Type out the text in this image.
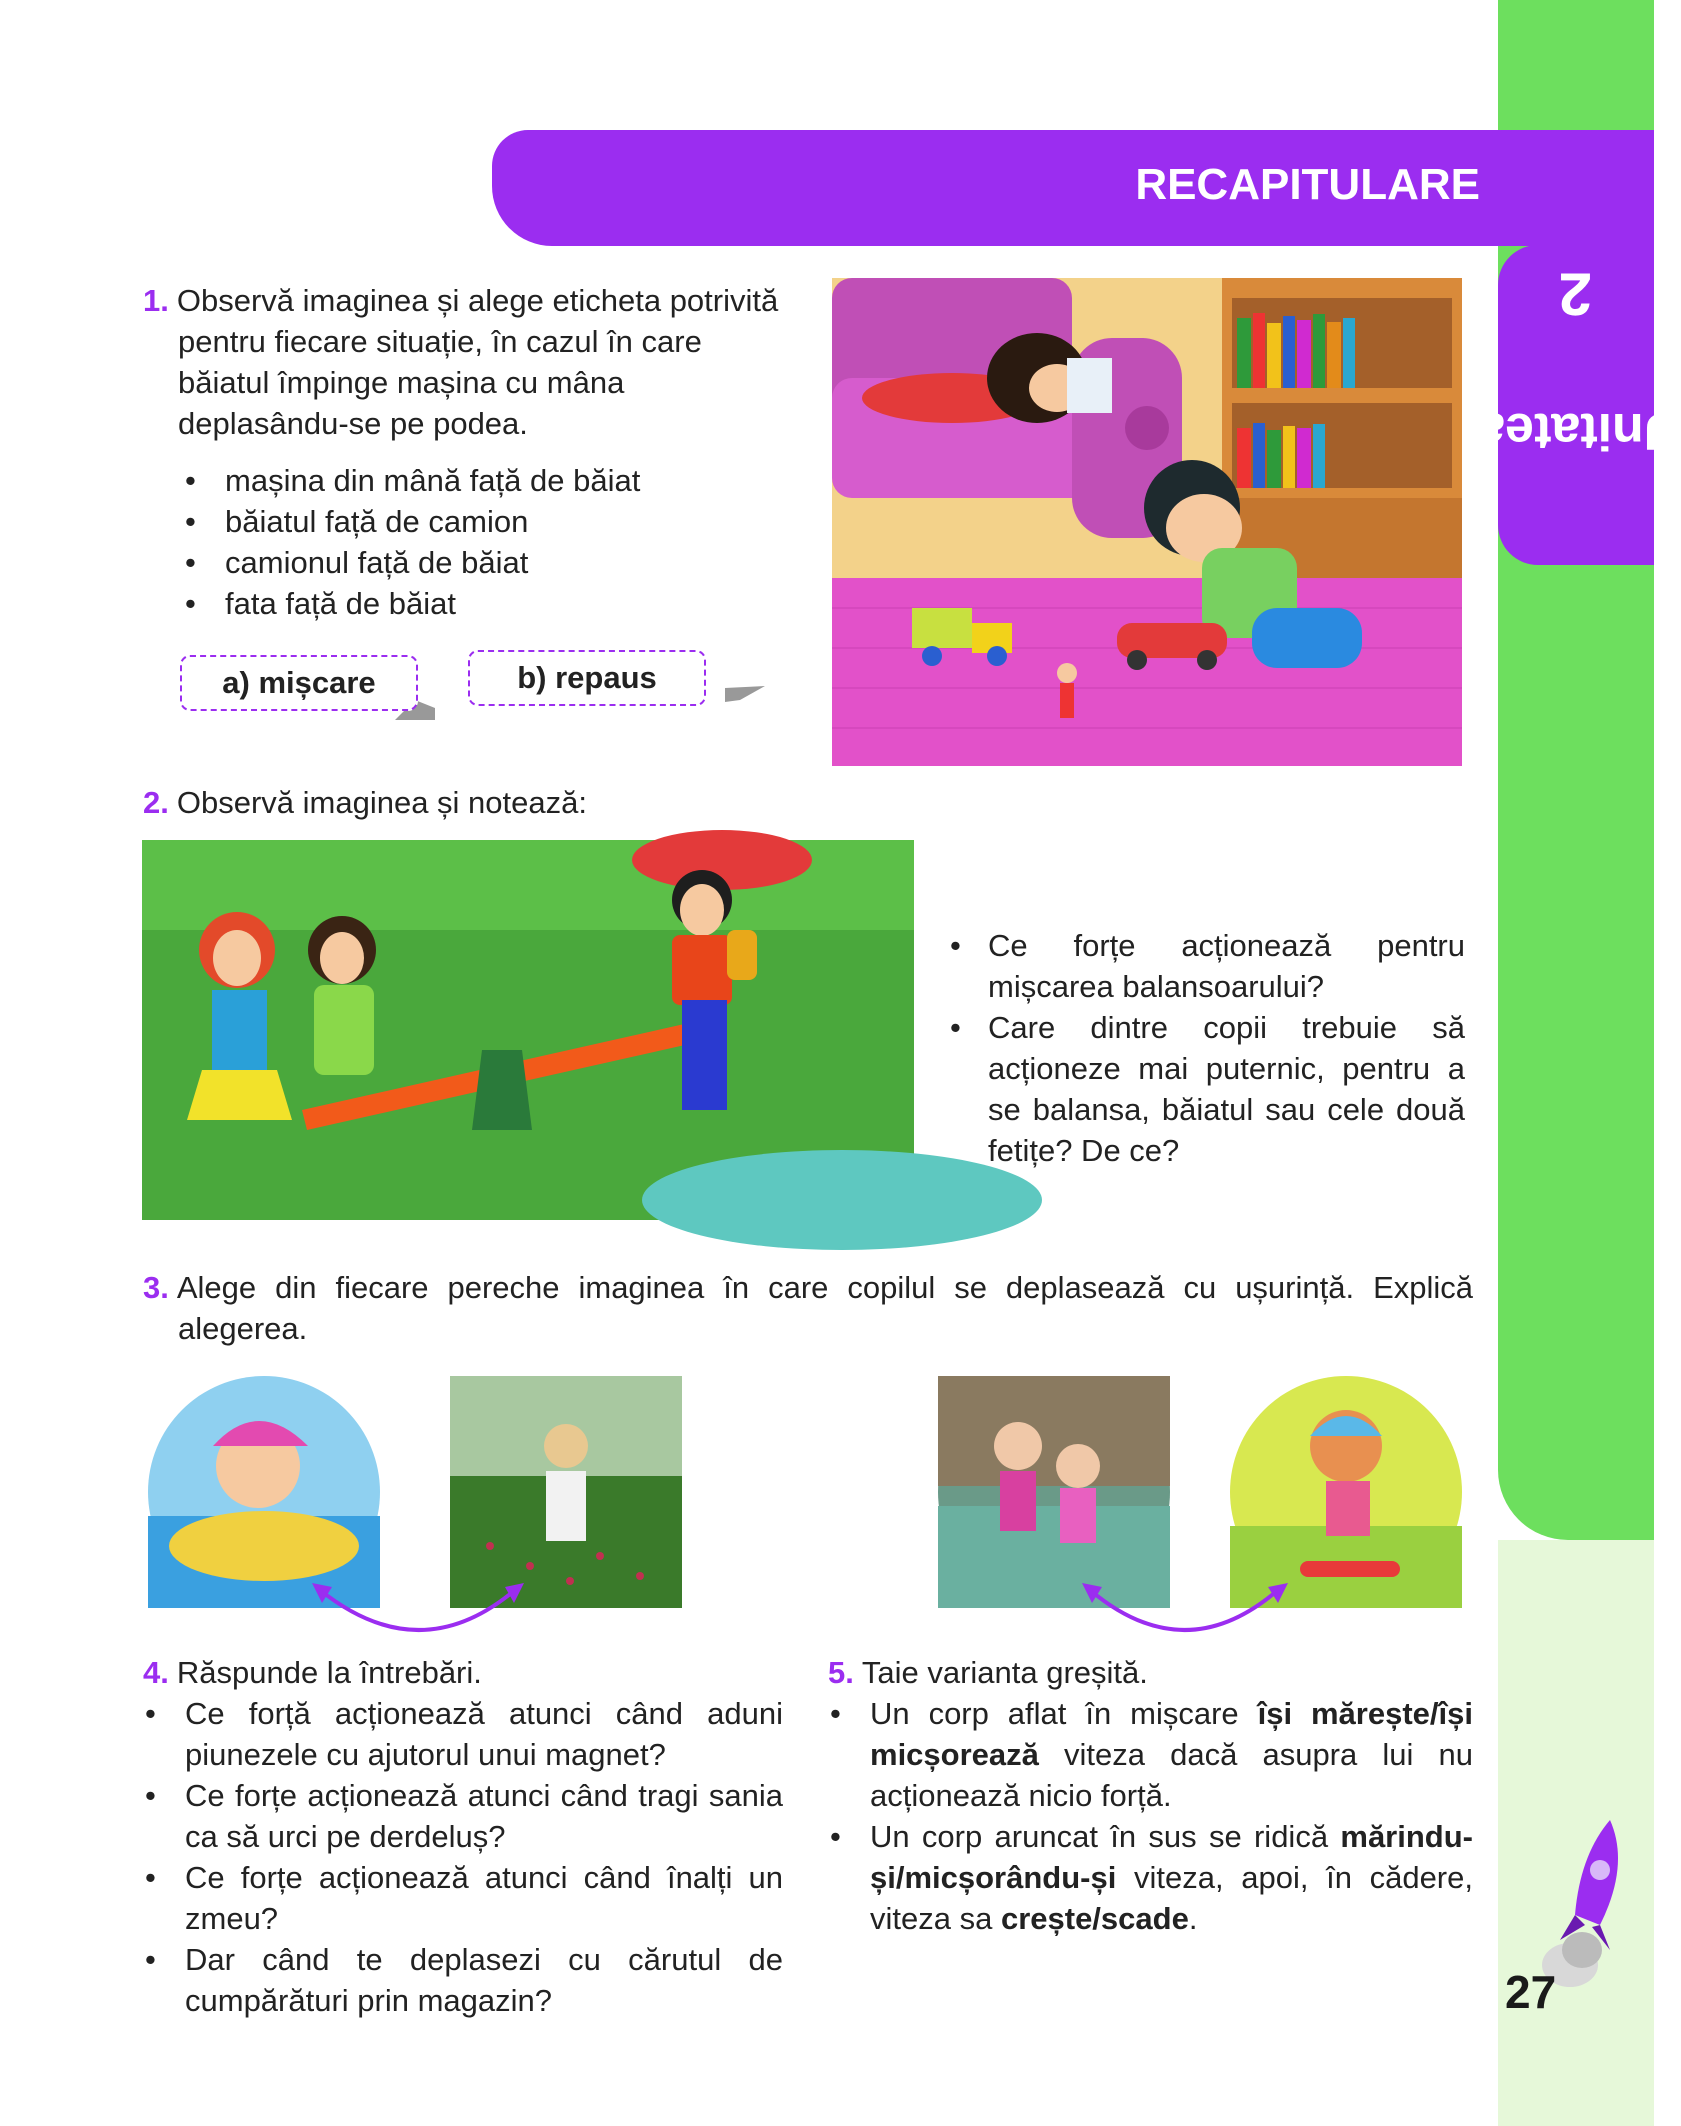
Unitatea2
RECAPITULARE

1. Observă imaginea și alege eticheta potrivită pentru fiecare situație, în cazul în care băiatul împinge mașina cu mâna deplasându-se pe podea.

• mașina din mână față de băiat
• băiatul față de camion
• camionul față de băiat
• fata față de băiat
a) mișcare	b) repaus

2. Observă imaginea și notează:

• Ce forțe acționează pentru mișcarea balansoarului?
• Care dintre copii trebuie să acționeze mai puternic, pentru a se balansa, băiatul sau cele două fetițe? De ce?

3. Alege din fiecare pereche imaginea în care copilul se deplasează cu ușurință. Explică alegerea.

4. Răspunde la întrebări.

• Ce forță acționează atunci când aduni piunezele cu ajutorul unui magnet?
• Ce forțe acționează atunci când tragi sania ca să urci pe derdeluș?
• Ce forțe acționează atunci când înalți un zmeu?
• Dar când te deplasezi cu cărutul de cumpărături prin magazin?

5. Taie varianta greșită.

• Un corp aflat în mișcare își mărește/își micșorează viteza dacă asupra lui nu acționează nicio forță.
• Un corp aruncat în sus se ridică mărindu-și/micșorându-și viteza, apoi, în cădere, viteza sa crește/scade.
27
